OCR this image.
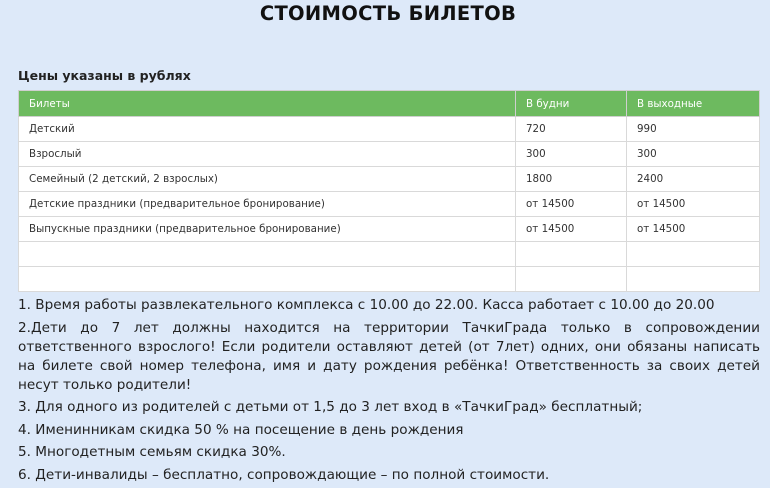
СТОИМОСТЬ БИЛЕТОВ
Цены указаны в рублях
Билеты	В будни	В выходные
Детский	720	990
Взрослый	300	300
Семейный (2 детский, 2 взрослых)	1800	2400
Детские праздники (предварительное бронирование)	от 14500	от 14500
Выпускные праздники (предварительное бронирование)	от 14500	от 14500

1. Время работы развлекательного комплекса с 10.00 до 22.00. Касса работает с 10.00 до 20.00

2.Дети до 7 лет должны находится на территории ТачкиГрада только в сопровождении ответственного взрослого! Если родители оставляют детей (от 7лет) одних, они обязаны написать на билете свой номер телефона, имя и дату рождения ребёнка! Ответственность за своих детей несут только родители!

3. Для одного из родителей с детьми от 1,5 до 3 лет вход в «ТачкиГрад» бесплатный;

4. Именинникам скидка 50 % на посещение в день рождения

5. Многодетным семьям скидка 30%.

6. Дети-инвалиды – бесплатно, сопровождающие – по полной стоимости.
